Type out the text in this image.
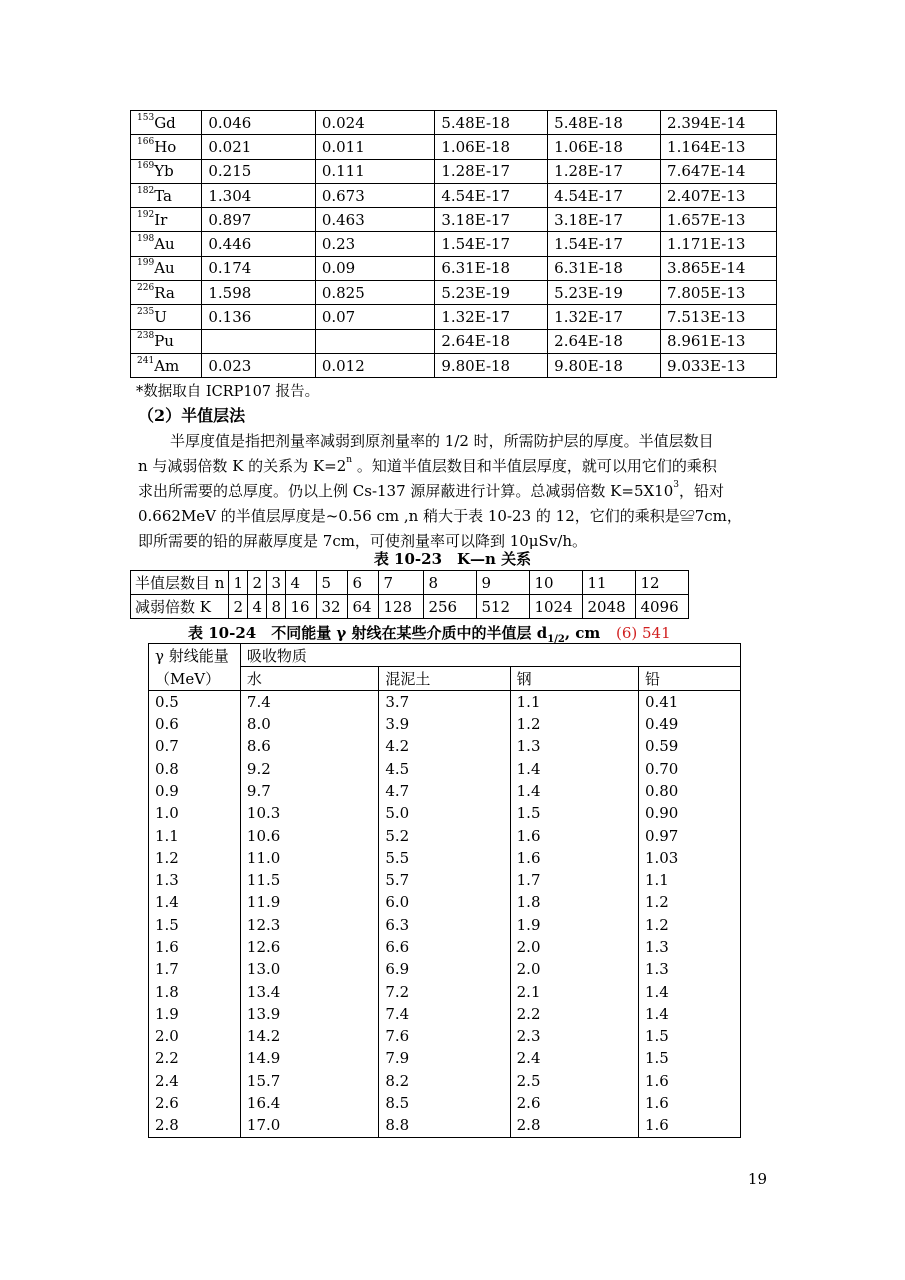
$^{153}$Gd	0.046	0.024	5.48E-18	5.48E-18	2.394E-14
$^{166}$Ho	0.021	0.011	1.06E-18	1.06E-18	1.164E-13
$^{169}$Yb	0.215	0.111	1.28E-17	1.28E-17	7.647E-14
$^{182}$Ta	1.304	0.673	4.54E-17	4.54E-17	2.407E-13
$^{192}$Ir	0.897	0.463	3.18E-17	3.18E-17	1.657E-13
$^{198}$Au	0.446	0.23	1.54E-17	1.54E-17	1.171E-13
$^{199}$Au	0.174	0.09	6.31E-18	6.31E-18	3.865E-14
$^{226}$Ra	1.598	0.825	5.23E-19	5.23E-19	7.805E-13
$^{235}$U	0.136	0.07	1.32E-17	1.32E-17	7.513E-13
$^{238}$Pu			2.64E-18	2.64E-18	8.961E-13
$^{241}$Am	0.023	0.012	9.80E-18	9.80E-18	9.033E-13
*数据取自 ICRP107 报告。
（2）半值层法
半厚度值是指把剂量率减弱到原剂量率的 1/2 时，所需防护层的厚度。半值层数目
n 与减弱倍数 K 的关系为 $K=2^n$ 。知道半值层数目和半值层厚度，就可以用它们的乘积
求出所需要的总厚度。仍以上例 Cs-137 源屏蔽进行计算。总减弱倍数 $K=5X10^3$，铅对
0.662MeV 的半值层厚度是~0.56 cm ,n 稍大于表 10-23 的 12，它们的乘积是≌7cm，
即所需要的铅的屏蔽厚度是 7cm，可使剂量率可以降到 10μSv/h。
表 10-23　K—n 关系
半值层数目 n	1	2	3	4	5	6	7	8	9	10	11	12
减弱倍数 K	2	4	8	16	32	64	128	256	512	1024	2048	4096
表 10-24　不同能量 γ 射线在某些介质中的半值层 $d_{1/2}$, cm (6) 541
γ 射线能量	吸收物质			
（MeV）	水	混泥土	钢	铅
0.5	7.4	3.7	1.1	0.41
0.6	8.0	3.9	1.2	0.49
0.7	8.6	4.2	1.3	0.59
0.8	9.2	4.5	1.4	0.70
0.9	9.7	4.7	1.4	0.80
1.0	10.3	5.0	1.5	0.90
1.1	10.6	5.2	1.6	0.97
1.2	11.0	5.5	1.6	1.03
1.3	11.5	5.7	1.7	1.1
1.4	11.9	6.0	1.8	1.2
1.5	12.3	6.3	1.9	1.2
1.6	12.6	6.6	2.0	1.3
1.7	13.0	6.9	2.0	1.3
1.8	13.4	7.2	2.1	1.4
1.9	13.9	7.4	2.2	1.4
2.0	14.2	7.6	2.3	1.5
2.2	14.9	7.9	2.4	1.5
2.4	15.7	8.2	2.5	1.6
2.6	16.4	8.5	2.6	1.6
2.8	17.0	8.8	2.8	1.6
19
